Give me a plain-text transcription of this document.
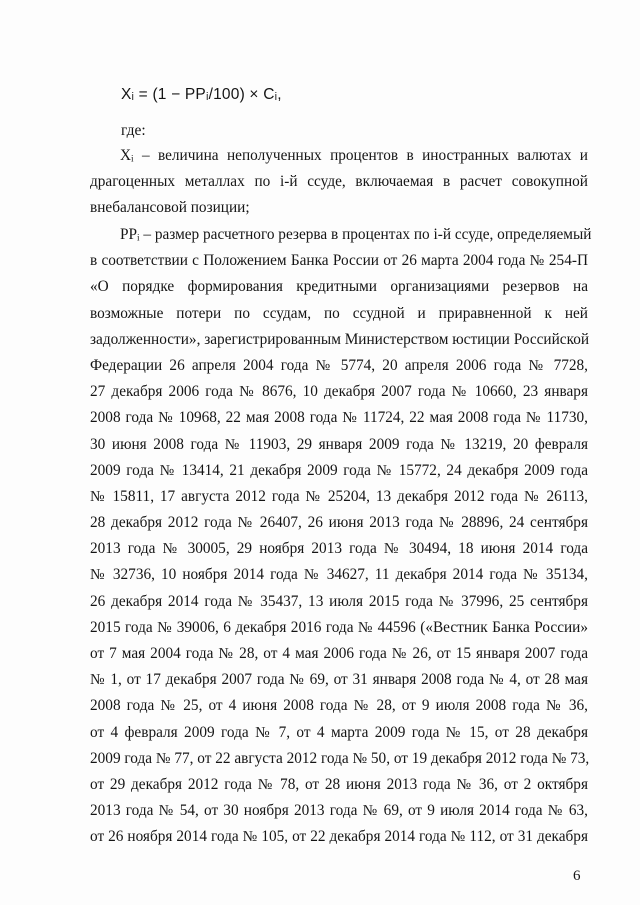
Xᵢ = (1 − PPᵢ/100) × Cᵢ,
где:
Xᵢ – величина неполученных процентов в иностранных валютах и
драгоценных металлах по і-й ссуде, включаемая в расчет совокупной
внебалансовой позиции;
PPᵢ – размер расчетного резерва в процентах по і-й ссуде, определяемый
в соответствии с Положением Банка России от 26 марта 2004 года № 254-П
«О порядке формирования кредитными организациями резервов на
возможные потери по ссудам, по ссудной и приравненной к ней
задолженности», зарегистрированным Министерством юстиции Российской
Федерации 26 апреля 2004 года № 5774, 20 апреля 2006 года № 7728,
27 декабря 2006 года № 8676, 10 декабря 2007 года № 10660, 23 января
2008 года № 10968, 22 мая 2008 года № 11724, 22 мая 2008 года № 11730,
30 июня 2008 года № 11903, 29 января 2009 года № 13219, 20 февраля
2009 года № 13414, 21 декабря 2009 года № 15772, 24 декабря 2009 года
№ 15811, 17 августа 2012 года № 25204, 13 декабря 2012 года № 26113,
28 декабря 2012 года № 26407, 26 июня 2013 года № 28896, 24 сентября
2013 года № 30005, 29 ноября 2013 года № 30494, 18 июня 2014 года
№ 32736, 10 ноября 2014 года № 34627, 11 декабря 2014 года № 35134,
26 декабря 2014 года № 35437, 13 июля 2015 года № 37996, 25 сентября
2015 года № 39006, 6 декабря 2016 года № 44596 («Вестник Банка России»
от 7 мая 2004 года № 28, от 4 мая 2006 года № 26, от 15 января 2007 года
№ 1, от 17 декабря 2007 года № 69, от 31 января 2008 года № 4, от 28 мая
2008 года № 25, от 4 июня 2008 года № 28, от 9 июля 2008 года № 36,
от 4 февраля 2009 года № 7, от 4 марта 2009 года № 15, от 28 декабря
2009 года № 77, от 22 августа 2012 года № 50, от 19 декабря 2012 года № 73,
от 29 декабря 2012 года № 78, от 28 июня 2013 года № 36, от 2 октября
2013 года № 54, от 30 ноября 2013 года № 69, от 9 июля 2014 года № 63,
от 26 ноября 2014 года № 105, от 22 декабря 2014 года № 112, от 31 декабря
6
